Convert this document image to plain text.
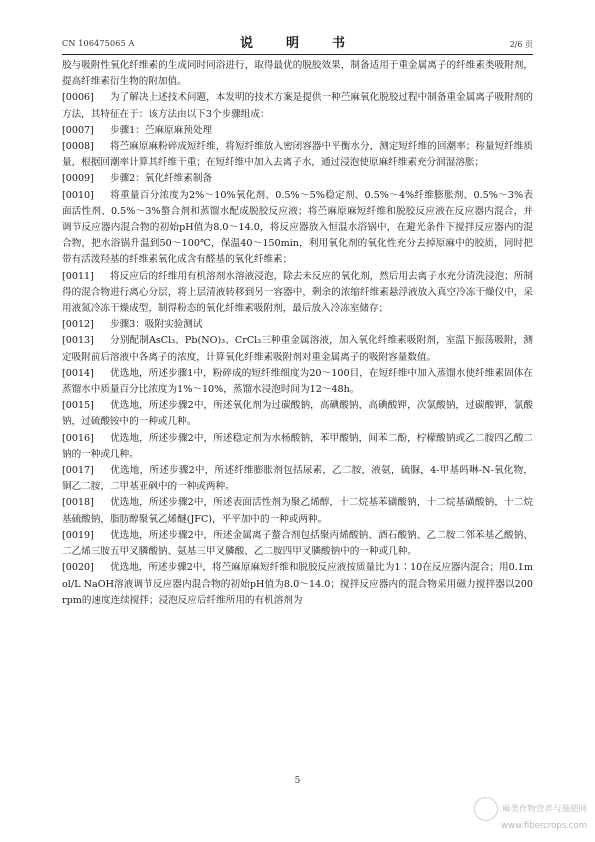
CN 106475065 A	说　明　书	2/6 页

胶与吸附性氧化纤维素的生成同时同浴进行，取得最优的脱胶效果，制备适用于重金属离子的纤维素类吸附剂，提高纤维素衍生物的附加值。

[0006] 为了解决上述技术问题，本发明的技术方案是提供一种苎麻氧化脱胶过程中制备重金属离子吸附剂的方法，其特征在于：该方法由以下3个步骤组成：

[0007] 步骤1：苎麻原麻预处理

[0008] 将苎麻原麻粉碎成短纤维，将短纤维放入密闭容器中平衡水分，测定短纤维的回潮率；称量短纤维质量，根据回潮率计算其纤维干重；在短纤维中加入去离子水，通过浸泡使原麻纤维素充分润湿溶胀；

[0009] 步骤2：氧化纤维素制备

[0010] 将重量百分浓度为2%～10%氧化剂、0.5%～5%稳定剂、0.5%～4%纤维膨胀剂、0.5%～3%表面活性剂、0.5%～3%螯合剂和蒸馏水配成脱胶反应液；将苎麻原麻短纤维和脱胶反应液在反应器内混合，并调节反应器内混合物的初始pH值为8.0～14.0，将反应器放入恒温水浴锅中，在避光条件下搅拌反应器内的混合物，把水浴锅升温到50～100℃，保温40～150min，利用氧化剂的氧化性充分去掉原麻中的胶质，同时把带有活泼羟基的纤维素氧化成含有醛基的氧化纤维素；

[0011] 将反应后的纤维用有机溶剂水溶液浸泡，除去未反应的氧化剂，然后用去离子水充分清洗浸泡；所制得的混合物进行离心分层，将上层清液转移到另一容器中，剩余的浓缩纤维素悬浮液放入真空冷冻干燥仪中，采用液氮冷冻干燥成型，制得粉态的氧化纤维素吸附剂，最后放入冷冻室储存；

[0012] 步骤3：吸附实验测试

[0013] 分别配制AsCl₃、Pb(NO)₃、CrCl₃三种重金属溶液，加入氧化纤维素吸附剂，室温下振荡吸附，测定吸附前后溶液中各离子的浓度，计算氧化纤维素吸附剂对重金属离子的吸附容量数值。

[0014] 优选地，所述步骤1中，粉碎成的短纤维细度为20～100目，在短纤维中加入蒸馏水使纤维素固体在蒸馏水中质量百分比浓度为1%～10%，蒸馏水浸泡时间为12～48h。

[0015] 优选地，所述步骤2中，所述氧化剂为过碳酸钠，高碘酸钠，高碘酸钾，次氯酸钠，过碳酸钾，氯酸钠，过硫酸铵中的一种或几种。

[0016] 优选地，所述步骤2中，所述稳定剂为水杨酸钠，苯甲酸钠，间苯二酚，柠檬酸钠或乙二胺四乙酸二钠的一种或几种。

[0017] 优选地，所述步骤2中，所述纤维膨胀剂包括尿素，乙二胺，液氨，硫脲，4-甲基吗啉-N-氧化物，铜乙二胺，二甲基亚砜中的一种或两种。

[0018] 优选地，所述步骤2中，所述表面活性剂为聚乙烯醇，十二烷基苯磺酸钠，十二烷基磺酸钠，十二烷基硫酸钠，脂肪醇聚氧乙烯醚(JFC)，平平加中的一种或两种。

[0019] 优选地，所述步骤2中，所述金属离子螯合剂包括聚丙烯酸钠、酒石酸钠、乙二胺二邻苯基乙酸钠、二乙烯三胺五甲叉膦酸钠、氨基三甲叉膦酸、乙二胺四甲叉膦酸钠中的一种或几种。

[0020] 优选地，所述步骤2中，将苎麻原麻短纤维和脱胶反应液按质量比为1∶10在反应器内混合；用0.1mol/L NaOH溶液调节反应器内混合物的初始pH值为8.0～14.0；搅拌反应器内的混合物采用磁力搅拌器以200rpm的速度连续搅拌；浸泡反应后纤维所用的有机溶剂为

5
麻类作物营养与施肥网
www.fibercrops.com
